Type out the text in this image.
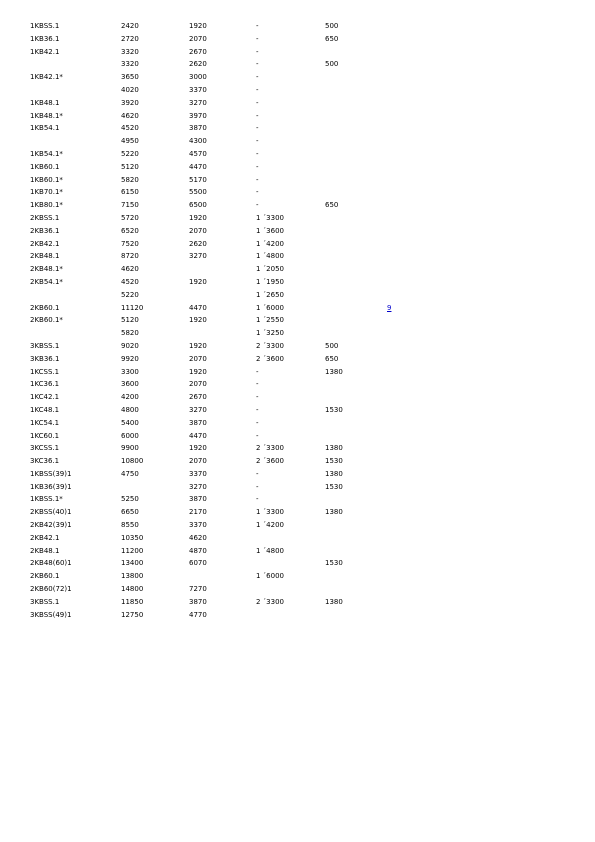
1KBSS.1	2420	1920	-	500	
1KB36.1	2720	2070	-	650	
1KB42.1	3320	2670	-		
	3320	2620	-	500	
1KB42.1*	3650	3000	-		
	4020	3370	-		
1KB48.1	3920	3270	-		
1KB48.1*	4620	3970	-		
1KB54.1	4520	3870	-		
	4950	4300	-		
1KB54.1*	5220	4570	-		
1KB60.1	5120	4470	-		
1KB60.1*	5820	5170	-		
1KB70.1*	6150	5500	-		
1KB80.1*	7150	6500	-	650	
2KBSS.1	5720	1920	1 ´3300		
2KB36.1	6520	2070	1 ´3600		
2KB42.1	7520	2620	1 ´4200		
2KB48.1	8720	3270	1 ´4800		
2KB48.1*	4620		1 ´2050		
2KB54.1*	4520	1920	1 ´1950		
	5220		1 ´2650		
2KB60.1	11120	4470	1 ´6000		9
2KB60.1*	5120	1920	1 ´2550		
	5820		1 ´3250		
3KBSS.1	9020	1920	2 ´3300	500	
3KB36.1	9920	2070	2 ´3600	650	
1KCSS.1	3300	1920	-	1380	
1KC36.1	3600	2070	-		
1KC42.1	4200	2670	-		
1KC48.1	4800	3270	-	1530	
1KC54.1	5400	3870	-		
1KC60.1	6000	4470	-		
3KCSS.1	9900	1920	2 ´3300	1380	
3KC36.1	10800	2070	2 ´3600	1530	
1KBSS(39)1	4750	3370	-	1380	
1KB36(39)1		3270	-	1530	
1KBSS.1*	5250	3870	-		
2KBSS(40)1	6650	2170	1 ´3300	1380	
2KB42(39)1	8550	3370	1 ´4200		
2KB42.1	10350	4620			
2KB48.1	11200	4870	1 ´4800		
2KB48(60)1	13400	6070		1530	
2KB60.1	13800		1 ´6000		
2KB60(72)1	14800	7270			
3KBSS.1	11850	3870	2 ´3300	1380	
3KBSS(49)1	12750	4770			
